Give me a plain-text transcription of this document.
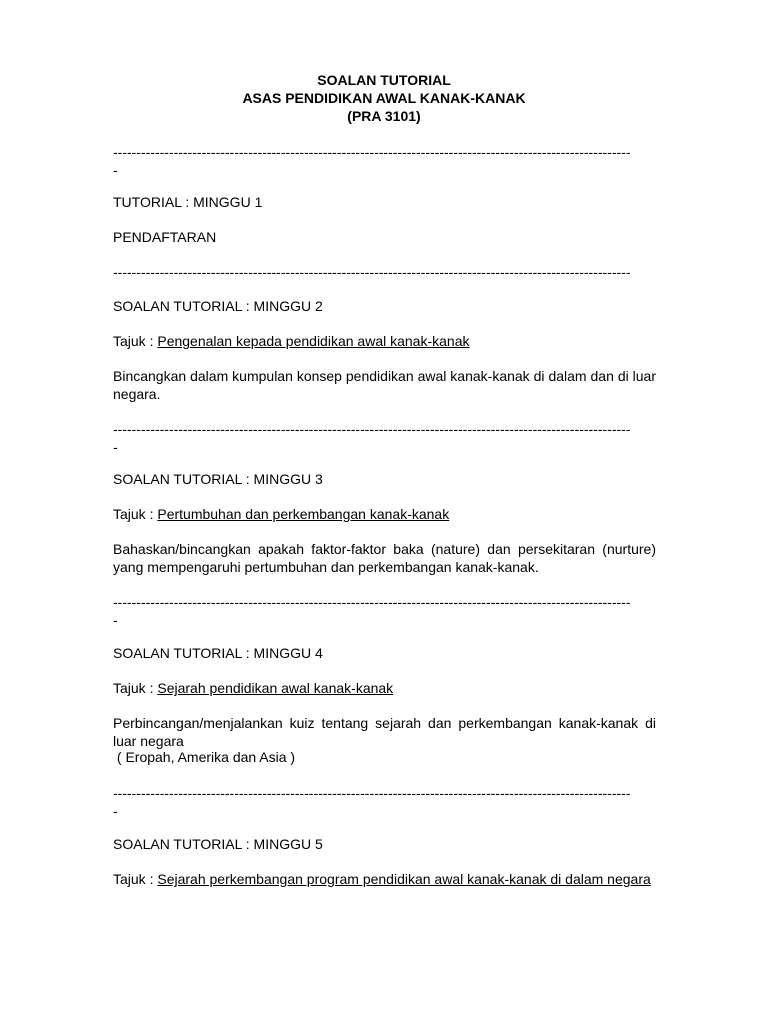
SOALAN TUTORIAL
ASAS PENDIDIKAN AWAL KANAK-KANAK
(PRA 3101)
---------------------------------------------------------------------------------------------------------------
-
TUTORIAL : MINGGU 1
PENDAFTARAN
---------------------------------------------------------------------------------------------------------------
SOALAN TUTORIAL : MINGGU 2
Tajuk : Pengenalan kepada pendidikan awal kanak-kanak
Bincangkan dalam kumpulan konsep pendidikan awal kanak-kanak di dalam dan di luar negara.
---------------------------------------------------------------------------------------------------------------
-
SOALAN TUTORIAL : MINGGU 3
Tajuk : Pertumbuhan dan perkembangan kanak-kanak
Bahaskan/bincangkan apakah faktor-faktor baka (nature) dan persekitaran (nurture) yang mempengaruhi pertumbuhan dan perkembangan kanak-kanak.
---------------------------------------------------------------------------------------------------------------
-
SOALAN TUTORIAL : MINGGU 4
Tajuk : Sejarah pendidikan awal kanak-kanak
Perbincangan/menjalankan kuiz tentang sejarah dan perkembangan kanak-kanak di luar negara
( Eropah, Amerika dan Asia )
---------------------------------------------------------------------------------------------------------------
-
SOALAN TUTORIAL : MINGGU 5
Tajuk : Sejarah perkembangan program pendidikan awal kanak-kanak di dalam negara
